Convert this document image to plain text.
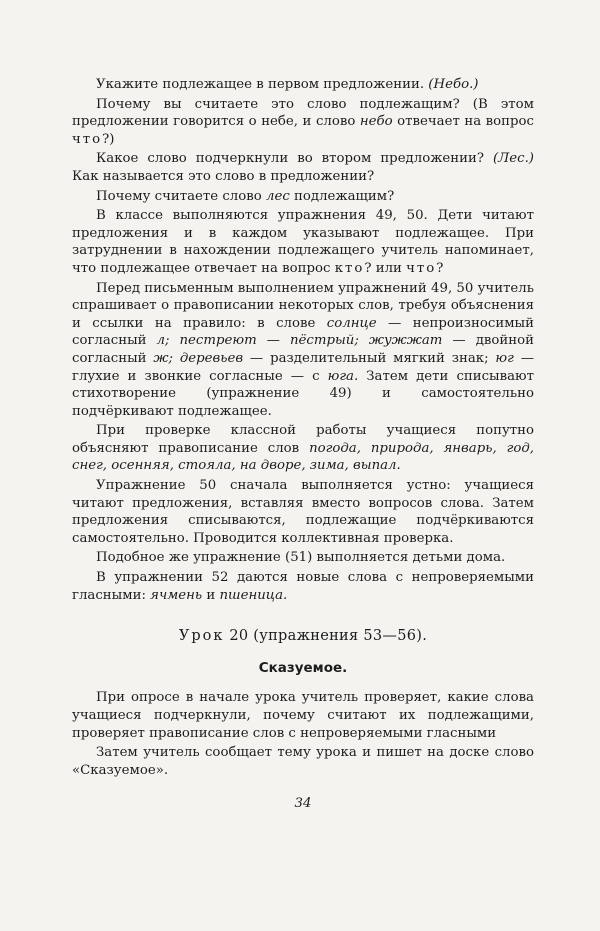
Укажите подлежащее в первом предложении. (Небо.)

Почему вы считаете это слово подлежащим? (В этом предложении говорится о небе, и слово небо отвечает на вопрос что?)

Какое слово подчеркнули во втором предложении? (Лес.) Как называется это слово в предложении?

Почему считаете слово лес подлежащим?

В классе выполняются упражнения 49, 50. Дети читают предложения и в каждом указывают подлежащее. При затруднении в нахождении подлежащего учитель напоминает, что подлежащее отвечает на вопрос кто? или что?

Перед письменным выполнением упражнений 49, 50 учитель спрашивает о правописании некоторых слов, требуя объяснения и ссылки на правило: в слове солнце — непроизносимый согласный л; пестреют — пёстрый; жужжат — двойной согласный ж; деревьев — разделительный мягкий знак; юг — глухие и звонкие согласные — с юга. Затем дети списывают стихотворение (упражнение 49) и самостоятельно подчёркивают подлежащее.

При проверке классной работы учащиеся попутно объясняют правописание слов погода, природа, январь, год, снег, осенняя, стояла, на дворе, зима, выпал.

Упражнение 50 сначала выполняется устно: учащиеся читают предложения, вставляя вместо вопросов слова. Затем предложения списываются, подлежащие подчёркиваются самостоятельно. Проводится коллективная проверка.

Подобное же упражнение (51) выполняется детьми дома.

В упражнении 52 даются новые слова с непроверяемыми гласными: ячмень и пшеница.

Урок 20 (упражнения 53—56).

Сказуемое.

При опросе в начале урока учитель проверяет, какие слова учащиеся подчеркнули, почему считают их подлежащими, проверяет правописание слов с непроверяемыми гласными

Затем учитель сообщает тему урока и пишет на доске слово «Сказуемое».

34
